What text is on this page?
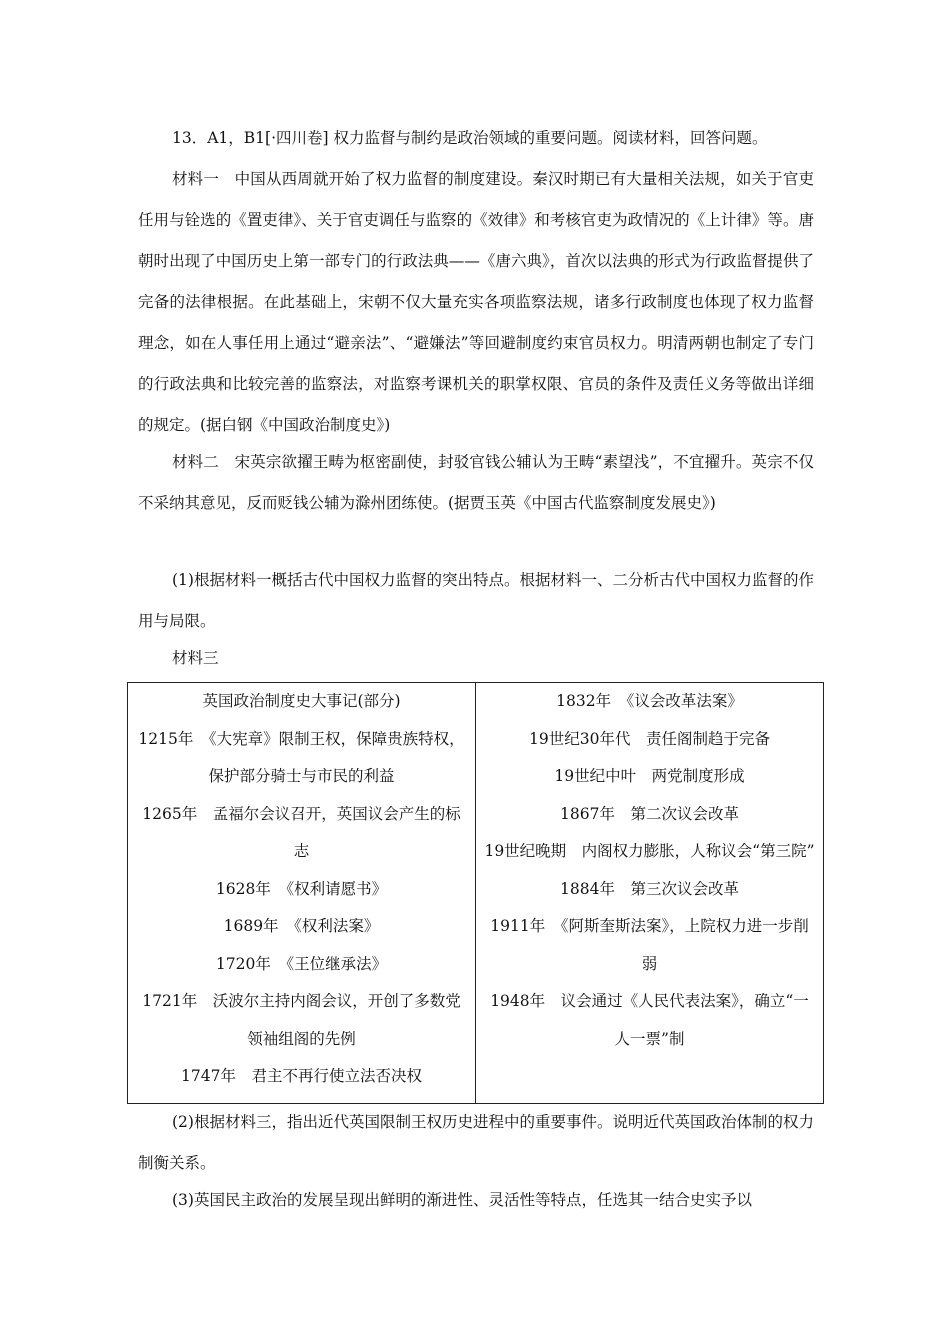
13．A1，B1[·四川卷] 权力监督与制约是政治领域的重要问题。阅读材料，回答问题。

材料一　中国从西周就开始了权力监督的制度建设。秦汉时期已有大量相关法规，如关于官吏任用与铨选的《置吏律》、关于官吏调任与监察的《效律》和考核官吏为政情况的《上计律》等。唐朝时出现了中国历史上第一部专门的行政法典——《唐六典》，首次以法典的形式为行政监督提供了完备的法律根据。在此基础上，宋朝不仅大量充实各项监察法规，诸多行政制度也体现了权力监督理念，如在人事任用上通过“避亲法”、“避嫌法”等回避制度约束官员权力。明清两朝也制定了专门的行政法典和比较完善的监察法，对监察考课机关的职掌权限、官员的条件及责任义务等做出详细的规定。(据白钢《中国政治制度史》)

材料二　宋英宗欲擢王畴为枢密副使，封驳官钱公辅认为王畴“素望浅”，不宜擢升。英宗不仅不采纳其意见，反而贬钱公辅为滁州团练使。(据贾玉英《中国古代监察制度发展史》)

(1)根据材料一概括古代中国权力监督的突出特点。根据材料一、二分析古代中国权力监督的作用与局限。

材料三

英国政治制度史大事记(部分)
1215年　《大宪章》限制王权，保障贵族特权，保护部分骑士与市民的利益
1265年　孟福尔会议召开，英国议会产生的标志
1628年　《权利请愿书》
1689年　《权利法案》
1720年　《王位继承法》
1721年　沃波尔主持内阁会议，开创了多数党领袖组阁的先例
1747年　君主不再行使立法否决权

1832年　《议会改革法案》
19世纪30年代　责任阁制趋于完备
19世纪中叶　两党制度形成
1867年　第二次议会改革
19世纪晚期　内阁权力膨胀，人称议会“第三院”
1884年　第三次议会改革
1911年　《阿斯奎斯法案》，上院权力进一步削弱
1948年　议会通过《人民代表法案》，确立“一人一票”制

(2)根据材料三，指出近代英国限制王权历史进程中的重要事件。说明近代英国政治体制的权力制衡关系。

(3)英国民主政治的发展呈现出鲜明的渐进性、灵活性等特点，任选其一结合史实予以
